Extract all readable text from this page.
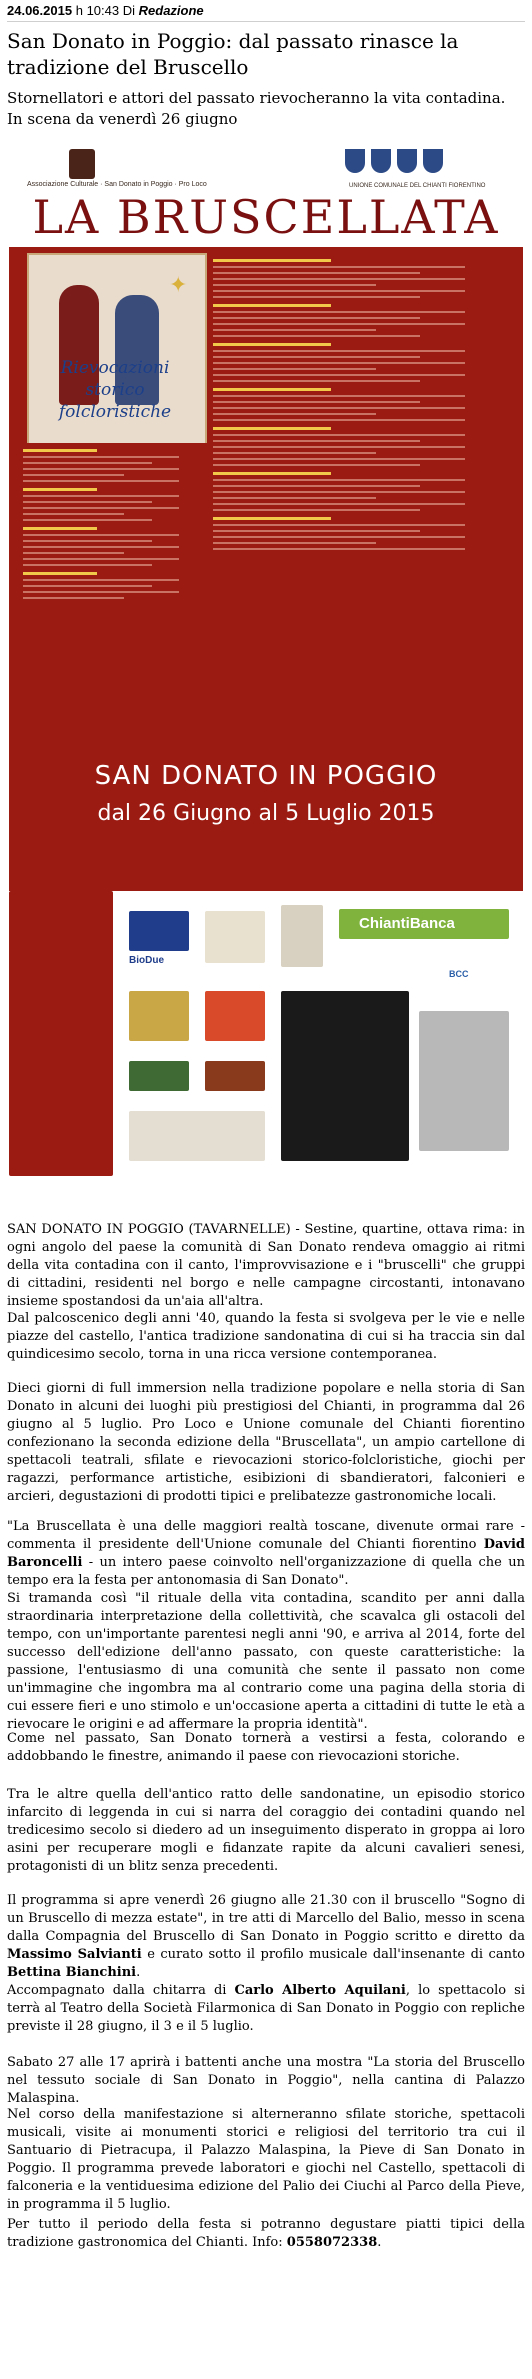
24.06.2015 h 10:43 Di Redazione
San Donato in Poggio: dal passato rinasce la tradizione del Bruscello

Stornellatori e attori del passato rievocheranno la vita contadina. In scena da venerdì 26 giugno

Associazione Culturale · San Donato in Poggio · Pro Loco	UNIONE COMUNALE DEL CHIANTI FIORENTINO
LA BRUSCELLATA
✦
Rievocazioni storico folcloristiche
SAN DONATO IN POGGIO
dal 26 Giugno al 5 Luglio 2015
BioDue
ChiantiBanca
BCC

SAN DONATO IN POGGIO (TAVARNELLE) - Sestine, quartine, ottava rima: in ogni angolo del paese la comunità di San Donato rendeva omaggio ai ritmi della vita contadina con il canto, l'improvvisazione e i "bruscelli" che gruppi di cittadini, residenti nel borgo e nelle campagne circostanti, intonavano insieme spostandosi da un'aia all'altra.

Dal palcoscenico degli anni '40, quando la festa si svolgeva per le vie e nelle piazze del castello, l'antica tradizione sandonatina di cui si ha traccia sin dal quindicesimo secolo, torna in una ricca versione contemporanea.

Dieci giorni di full immersion nella tradizione popolare e nella storia di San Donato in alcuni dei luoghi più prestigiosi del Chianti, in programma dal 26 giugno al 5 luglio. Pro Loco e Unione comunale del Chianti fiorentino confezionano la seconda edizione della "Bruscellata", un ampio cartellone di spettacoli teatrali, sfilate e rievocazioni storico-folcloristiche, giochi per ragazzi, performance artistiche, esibizioni di sbandieratori, falconieri e arcieri, degustazioni di prodotti tipici e prelibatezze gastronomiche locali.

"La Bruscellata è una delle maggiori realtà toscane, divenute ormai rare - commenta il presidente dell'Unione comunale del Chianti fiorentino David Baroncelli - un intero paese coinvolto nell'organizzazione di quella che un tempo era la festa per antonomasia di San Donato".

Si tramanda così "il rituale della vita contadina, scandito per anni dalla straordinaria interpretazione della collettività, che scavalca gli ostacoli del tempo, con un'importante parentesi negli anni '90, e arriva al 2014, forte del successo dell'edizione dell'anno passato, con queste caratteristiche: la passione, l'entusiasmo di una comunità che sente il passato non come un'immagine che ingombra ma al contrario come una pagina della storia di cui essere fieri e uno stimolo e un'occasione aperta a cittadini di tutte le età a rievocare le origini e ad affermare la propria identità".

Come nel passato, San Donato tornerà a vestirsi a festa, colorando e addobbando le finestre, animando il paese con rievocazioni storiche.

Tra le altre quella dell'antico ratto delle sandonatine, un episodio storico infarcito di leggenda in cui si narra del coraggio dei contadini quando nel tredicesimo secolo si diedero ad un inseguimento disperato in groppa ai loro asini per recuperare mogli e fidanzate rapite da alcuni cavalieri senesi, protagonisti di un blitz senza precedenti.

Il programma si apre venerdì 26 giugno alle 21.30 con il bruscello "Sogno di un Bruscello di mezza estate", in tre atti di Marcello del Balio, messo in scena dalla Compagnia del Bruscello di San Donato in Poggio scritto e diretto da Massimo Salvianti e curato sotto il profilo musicale dall'insenante di canto Bettina Bianchini.

Accompagnato dalla chitarra di Carlo Alberto Aquilani, lo spettacolo si terrà al Teatro della Società Filarmonica di San Donato in Poggio con repliche previste il 28 giugno, il 3 e il 5 luglio.

Sabato 27 alle 17 aprirà i battenti anche una mostra "La storia del Bruscello nel tessuto sociale di San Donato in Poggio", nella cantina di Palazzo Malaspina.

Nel corso della manifestazione si alterneranno sfilate storiche, spettacoli musicali, visite ai monumenti storici e religiosi del territorio tra cui il Santuario di Pietracupa, il Palazzo Malaspina, la Pieve di San Donato in Poggio. Il programma prevede laboratori e giochi nel Castello, spettacoli di falconeria e la ventiduesima edizione del Palio dei Ciuchi al Parco della Pieve, in programma il 5 luglio.

Per tutto il periodo della festa si potranno degustare piatti tipici della tradizione gastronomica del Chianti. Info: 0558072338.
